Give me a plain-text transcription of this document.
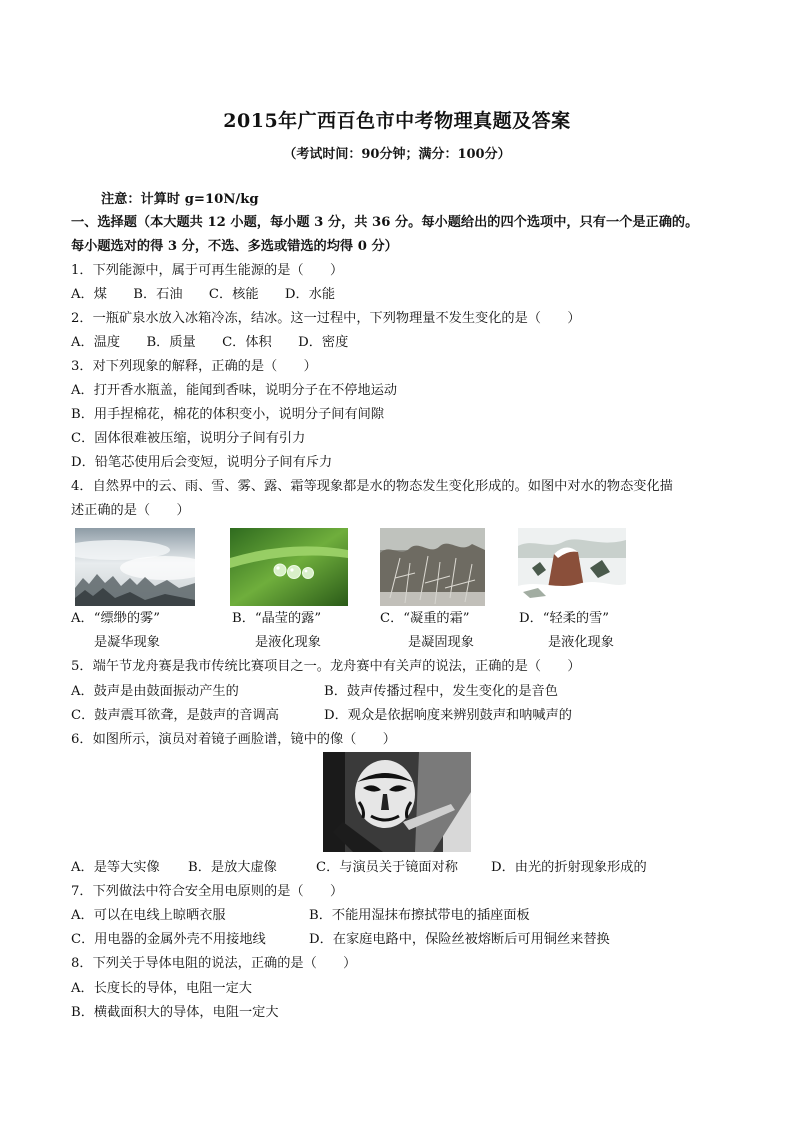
2015年广西百色市中考物理真题及答案
（考试时间：90分钟；满分：100分）
注意：计算时 g=10N/kg
一、选择题（本大题共 12 小题，每小题 3 分，共 36 分。每小题给出的四个选项中，只有一个是正确的。
每小题选对的得 3 分，不选、多选或错选的均得 0 分）
1．下列能源中，属于可再生能源的是（　　）
A．煤　　B．石油　　C．核能　　D．水能
2．一瓶矿泉水放入冰箱冷冻，结冰。这一过程中，下列物理量不发生变化的是（　　）
A．温度　　B．质量　　C．体积　　D．密度
3．对下列现象的解释，正确的是（　　）
A．打开香水瓶盖，能闻到香味，说明分子在不停地运动
B．用手捏棉花，棉花的体积变小，说明分子间有间隙
C．固体很难被压缩，说明分子间有引力
D．铅笔芯使用后会变短，说明分子间有斥力
4．自然界中的云、雨、雪、雾、露、霜等现象都是水的物态发生变化形成的。如图中对水的物态变化描
述正确的是（　　）
A．“缥缈的雾”
是凝华现象
B．“晶莹的露”
是液化现象
C．“凝重的霜”
是凝固现象
D．“轻柔的雪”
是液化现象
5．端午节龙舟赛是我市传统比赛项目之一。龙舟赛中有关声的说法，正确的是（　　）
A．鼓声是由鼓面振动产生的	B．鼓声传播过程中，发生变化的是音色
C．鼓声震耳欲聋，是鼓声的音调高	D．观众是依据响度来辨别鼓声和呐喊声的
6．如图所示，演员对着镜子画脸谱，镜中的像（　　）
A．是等大实像 B．是放大虚像	C．与演员关于镜面对称	D．由光的折射现象形成的
7．下列做法中符合安全用电原则的是（　　）
A．可以在电线上晾晒衣服	B．不能用湿抹布擦拭带电的插座面板
C．用电器的金属外壳不用接地线	D．在家庭电路中，保险丝被熔断后可用铜丝来替换
8．下列关于导体电阻的说法，正确的是（　　）
A．长度长的导体，电阻一定大
B．横截面积大的导体，电阻一定大
